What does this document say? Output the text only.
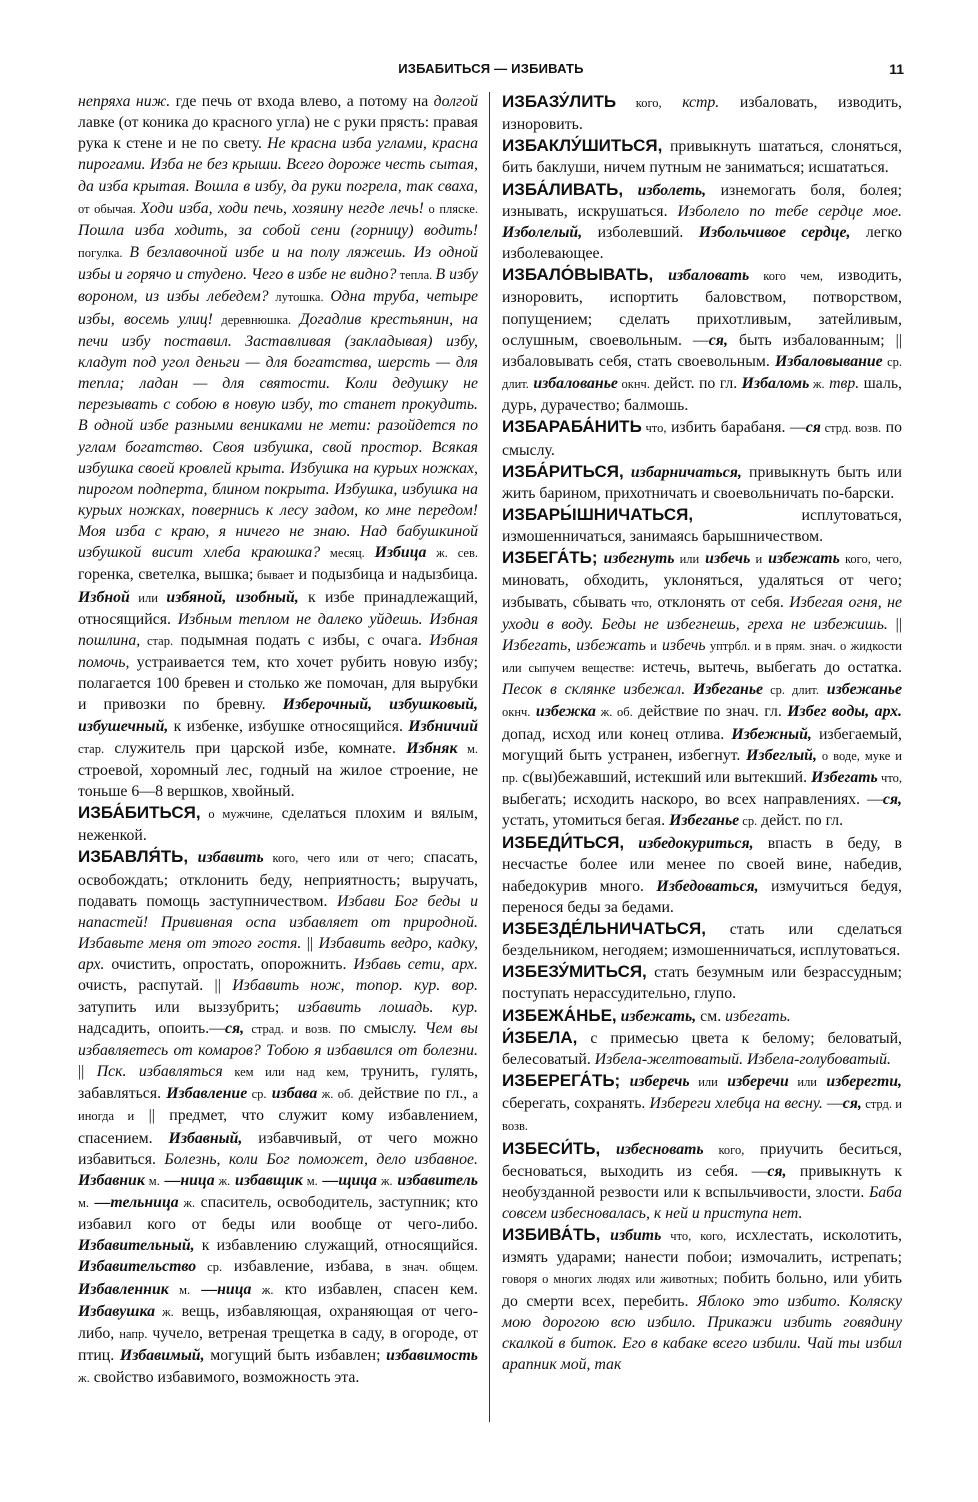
ИЗБАБИТЬСЯ — ИЗБИВАТЬ	11

непряха ниж. где печь от входа влево, а потому на долгой лавке (от коника до красного угла) не с руки прясть: правая рука к стене и не по свету. Не красна изба углами, красна пирогами. Изба не без крыши. Всего дороже честь сытая, да изба крытая. Вошла в избу, да руки погрела, так сваха, от обычая. Ходи изба, ходи печь, хозяину негде лечь! о пляске. Пошла изба ходить, за собой сени (горницу) водить! погулка. В безлавочной избе и на полу ляжешь. Из одной избы и горячо и студено. Чего в избе не видно? тепла. В избу вороном, из избы лебедем? лутошка. Одна труба, четыре избы, восемь улиц! деревнюшка. Догадлив крестьянин, на печи избу поставил. Заставливая (закладывая) избу, кладут под угол деньги — для богатства, шерсть — для тепла; ладан — для святости. Коли дедушку не перезывать с собою в новую избу, то станет прокудить. В одной избе разными вениками не мети: разойдется по углам богатство. Своя избушка, свой простор. Всякая избушка своей кровлей крыта. Избушка на курьих ножках, пирогом подперта, блином покрыта. Избушка, избушка на курьих ножках, повернись к лесу задом, ко мне передом! Моя изба с краю, я ничего не знаю. Над бабушкиной избушкой висит хлеба краюшка? месяц. Избица ж. сев. горенка, светелка, вышка; бывает и подызбица и надызбица. Избной или избяной, изобный, к избе принадлежащий, относящийся. Избным теплом не далеко уйдешь. Избная пошлина, стар. подымная подать с избы, с очага. Избная помочь, устраивается тем, кто хочет рубить новую избу; полагается 100 бревен и столько же помочан, для вырубки и привозки по бревну. Изберочный, избушковый, избушечный, к избенке, избушке относящийся. Избничий стар. служитель при царской избе, комнате. Избняк м. строевой, хоромный лес, годный на жилое строение, не тоньше 6—8 вершков, хвойный.

ИЗБА́БИТЬСЯ, о мужчине, сделаться плохим и вялым, неженкой.

ИЗБАВЛЯ́ТЬ, избавить кого, чего или от чего; спасать, освобождать; отклонить беду, неприятность; выручать, подавать помощь заступничеством. Избави Бог беды и напастей! Прививная оспа избавляет от природной. Избавьте меня от этого гостя. || Избавить ведро, кадку, арх. очистить, опростать, опорожнить. Избавь сети, арх. очисть, распутай. || Избавить нож, топор. кур. вор. затупить или выззубрить; избавить лошадь. кур. надсадить, опоить.—ся, страд. и возв. по смыслу. Чем вы избавляетесь от комаров? Тобою я избавился от болезни. || Пск. избавляться кем или над кем, трунить, гулять, забавляться. Избавление ср. избава ж. об. действие по гл., а иногда и || предмет, что служит кому избавлением, спасением. Избавный, избавчивый, от чего можно избавиться. Болезнь, коли Бог поможет, дело избавное. Избавник м. —ница ж. избавщик м. —щица ж. избавитель м. —тельница ж. спаситель, освободитель, заступник; кто избавил кого от беды или вообще от чего-либо. Избавительный, к избавлению служащий, относящийся. Избавительство ср. избавление, избава, в знач. общем. Избавленник м. —ница ж. кто избавлен, спасен кем. Избавушка ж. вещь, избавляющая, охраняющая от чего-либо, напр. чучело, ветреная трещетка в саду, в огороде, от птиц. Избавимый, могущий быть избавлен; избавимость ж. свойство избавимого, возможность эта.

ИЗБАЗУ́ЛИТЬ кого, кстр. избаловать, изводить, изноровить.

ИЗБАКЛУ́ШИТЬСЯ, привыкнуть шататься, слоняться, бить баклуши, ничем путным не заниматься; исшататься.

ИЗБА́ЛИВАТЬ, изболеть, изнемогать боля, болея; изнывать, искрушаться. Изболело по тебе сердце мое. Изболелый, изболевший. Избольчивое сердце, легко изболевающее.

ИЗБАЛО́ВЫВАТЬ, избаловать кого чем, изводить, изноровить, испортить баловством, потворством, попущением; сделать прихотливым, затейливым, ослушным, своевольным. —ся, быть избалованным; || избаловывать себя, стать своевольным. Избаловывание ср. длит. избалованье окнч. дейст. по гл. Избаломь ж. твр. шаль, дурь, дурачество; балмошь.

ИЗБАРАБА́НИТЬ что, избить барабаня. —ся стрд. возв. по смыслу.

ИЗБА́РИТЬСЯ, избарничаться, привыкнуть быть или жить барином, прихотничать и своевольничать по-барски.

ИЗБАРЫ́ШНИЧАТЬСЯ, исплутоваться, измошенничаться, занимаясь барышничеством.

ИЗБЕГА́ТЬ; избегнуть или избечь и избежать кого, чего, миновать, обходить, уклоняться, удаляться от чего; избывать, сбывать что, отклонять от себя. Избегая огня, не уходи в воду. Беды не избегнешь, греха не избежишь. || Избегать, избежать и избечь уптрбл. и в прям. знач. о жидкости или сыпучем веществе: истечь, вытечь, выбегать до остатка. Песок в склянке избежал. Избеганье ср. длит. избежанье окнч. избежка ж. об. действие по знач. гл. Избег воды, арх. допад, исход или конец отлива. Избежный, избегаемый, могущий быть устранен, избегнут. Избеглый, о воде, муке и пр. с(вы)бежавший, истекший или вытекший. Избегать что, выбегать; исходить наскоро, во всех направлениях. —ся, устать, утомиться бегая. Избеганье ср. дейст. по гл.

ИЗБЕДИ́ТЬСЯ, избедокуриться, впасть в беду, в несчастье более или менее по своей вине, набедив, набедокурив много. Избедоваться, измучиться бедуя, перенося беды за бедами.

ИЗБЕЗДЕ́ЛЬНИЧАТЬСЯ, стать или сделаться бездельником, негодяем; измошенничаться, исплутоваться.

ИЗБЕЗУ́МИТЬСЯ, стать безумным или безрассудным; поступать нерассудительно, глупо.

ИЗБЕЖА́НЬЕ, избежать, см. избегать.

И́ЗБЕЛА, с примесью цвета к белому; беловатый, белесоватый. Избела-желтоватый. Избела-голубоватый.

ИЗБЕРЕГА́ТЬ; изберечь или изберечи или изберегти, сберегать, сохранять. Избереги хлебца на весну. —ся, стрд. и возв.

ИЗБЕСИ́ТЬ, избесновать кого, приучить беситься, бесноваться, выходить из себя. —ся, привыкнуть к необузданной резвости или к вспыльчивости, злости. Баба совсем избесновалась, к ней и приступа нет.

ИЗБИВА́ТЬ, избить что, кого, исхлестать, исколотить, измять ударами; нанести побои; измочалить, истрепать; говоря о многих людях или животных; побить больно, или убить до смерти всех, перебить. Яблоко это избито. Коляску мою дорогою всю избило. Прикажи избить говядину скалкой в биток. Его в кабаке всего избили. Чай ты избил арапник мой, так
